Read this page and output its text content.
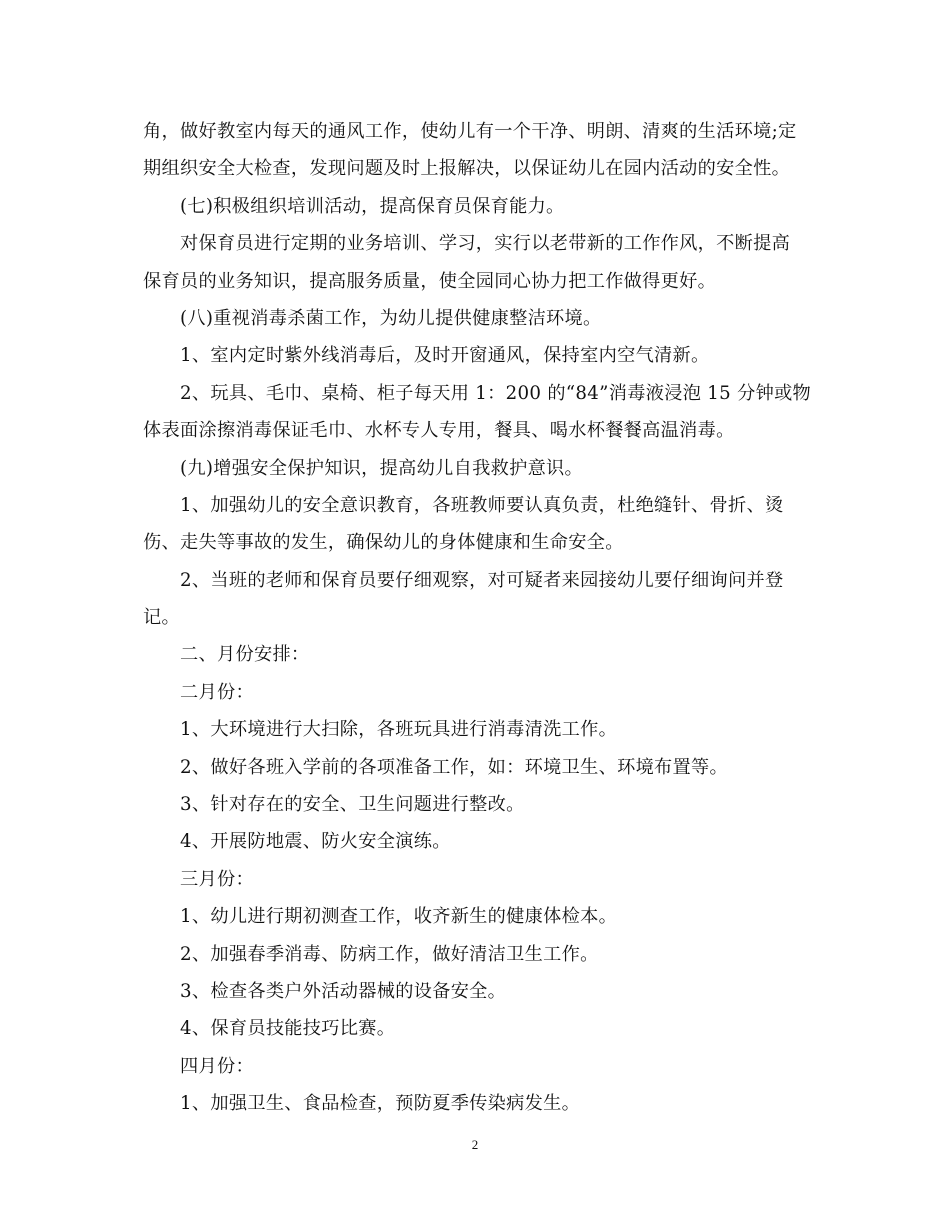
角，做好教室内每天的通风工作，使幼儿有一个干净、明朗、清爽的生活环境;定
期组织安全大检查，发现问题及时上报解决，以保证幼儿在园内活动的安全性。
(七)积极组织培训活动，提高保育员保育能力。
对保育员进行定期的业务培训、学习，实行以老带新的工作作风，不断提高
保育员的业务知识，提高服务质量，使全园同心协力把工作做得更好。
(八)重视消毒杀菌工作，为幼儿提供健康整洁环境。
1、室内定时紫外线消毒后，及时开窗通风，保持室内空气清新。
2、玩具、毛巾、桌椅、柜子每天用 1：200 的“84”消毒液浸泡 15 分钟或物
体表面涂擦消毒保证毛巾、水杯专人专用，餐具、喝水杯餐餐高温消毒。
(九)增强安全保护知识，提高幼儿自我救护意识。
1、加强幼儿的安全意识教育，各班教师要认真负责，杜绝缝针、骨折、烫
伤、走失等事故的发生，确保幼儿的身体健康和生命安全。
2、当班的老师和保育员要仔细观察，对可疑者来园接幼儿要仔细询问并登
记。
二、月份安排：
二月份：
1、大环境进行大扫除，各班玩具进行消毒清洗工作。
2、做好各班入学前的各项准备工作，如：环境卫生、环境布置等。
3、针对存在的安全、卫生问题进行整改。
4、开展防地震、防火安全演练。
三月份：
1、幼儿进行期初测查工作，收齐新生的健康体检本。
2、加强春季消毒、防病工作，做好清洁卫生工作。
3、检查各类户外活动器械的设备安全。
4、保育员技能技巧比赛。
四月份：
1、加强卫生、食品检查，预防夏季传染病发生。
2
